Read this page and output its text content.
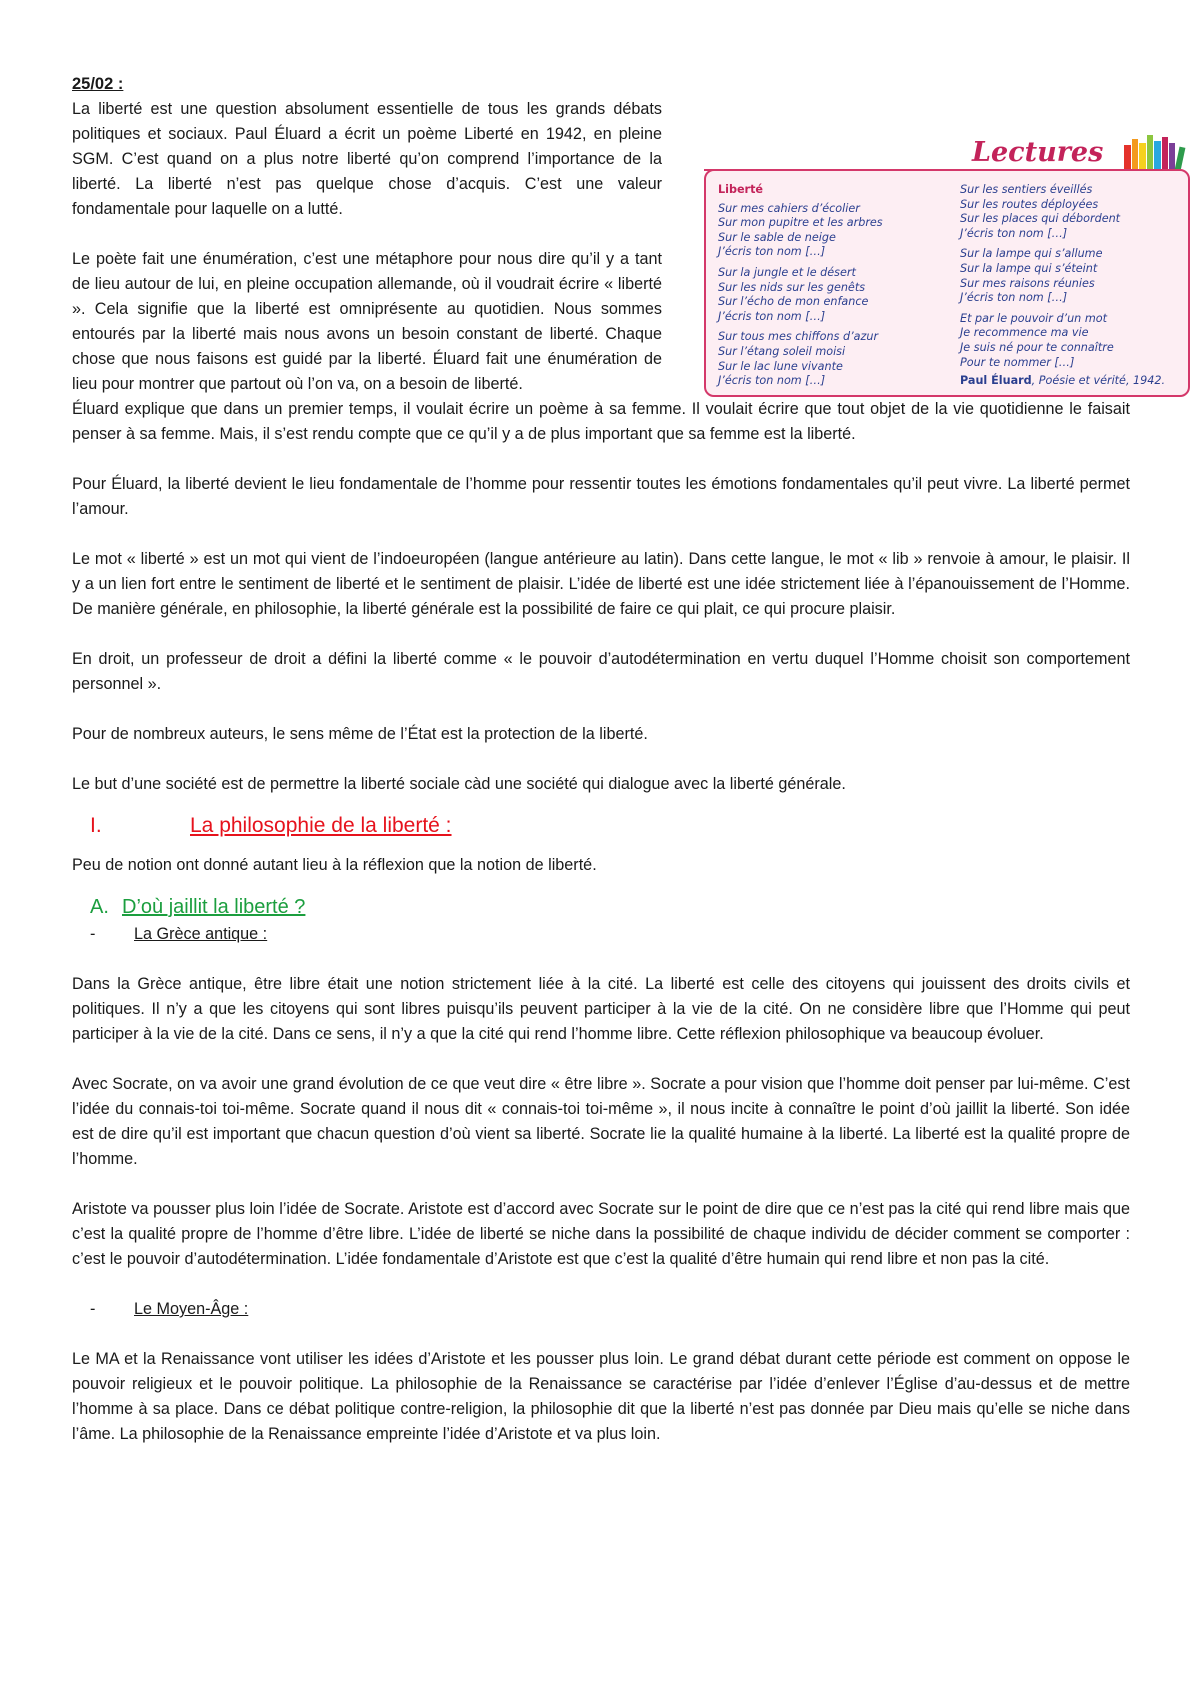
25/02 :

La liberté est une question absolument essentielle de tous les grands débats politiques et sociaux. Paul Éluard a écrit un poème Liberté en 1942, en pleine SGM. C’est quand on a plus notre liberté qu’on comprend l’importance de la liberté. La liberté n’est pas quelque chose d’acquis. C’est une valeur fondamentale pour laquelle on a lutté.

Le poète fait une énumération, c’est une métaphore pour nous dire qu’il y a tant de lieu autour de lui, en pleine occupation allemande, où il voudrait écrire « liberté ». Cela signifie que la liberté est omniprésente au quotidien. Nous sommes entourés par la liberté mais nous avons un besoin constant de liberté. Chaque chose que nous faisons est guidé par la liberté. Éluard fait une énumération de lieu pour montrer que partout où l’on va, on a besoin de liberté.

Lectures
Liberté
Sur mes cahiers d’écolier
Sur mon pupitre et les arbres
Sur le sable de neige
J’écris ton nom […]
Sur la jungle et le désert
Sur les nids sur les genêts
Sur l’écho de mon enfance
J’écris ton nom […]
Sur tous mes chiffons d’azur
Sur l’étang soleil moisi
Sur le lac lune vivante
J’écris ton nom […]
Sur les sentiers éveillés
Sur les routes déployées
Sur les places qui débordent
J’écris ton nom […]
Sur la lampe qui s’allume
Sur la lampe qui s’éteint
Sur mes raisons réunies
J’écris ton nom […]
Et par le pouvoir d’un mot
Je recommence ma vie
Je suis né pour te connaître
Pour te nommer […]
Paul Éluard, Poésie et vérité, 1942.

Éluard explique que dans un premier temps, il voulait écrire un poème à sa femme. Il voulait écrire que tout objet de la vie quotidienne le faisait penser à sa femme. Mais, il s’est rendu compte que ce qu’il y a de plus important que sa femme est la liberté.

Pour Éluard, la liberté devient le lieu fondamentale de l’homme pour ressentir toutes les émotions fondamentales qu’il peut vivre. La liberté permet l’amour.

Le mot « liberté » est un mot qui vient de l’indoeuropéen (langue antérieure au latin). Dans cette langue, le mot « lib » renvoie à amour, le plaisir. Il y a un lien fort entre le sentiment de liberté et le sentiment de plaisir. L’idée de liberté est une idée strictement liée à l’épanouissement de l’Homme. De manière générale, en philosophie, la liberté générale est la possibilité de faire ce qui plait, ce qui procure plaisir.

En droit, un professeur de droit a défini la liberté comme « le pouvoir d’autodétermination en vertu duquel l’Homme choisit son comportement personnel ».

Pour de nombreux auteurs, le sens même de l’État est la protection de la liberté.

Le but d’une société est de permettre la liberté sociale càd une société qui dialogue avec la liberté générale.

I.	La philosophie de la liberté :

Peu de notion ont donné autant lieu à la réflexion que la notion de liberté.

A. D’où jaillit la liberté ?
- La Grèce antique :

Dans la Grèce antique, être libre était une notion strictement liée à la cité. La liberté est celle des citoyens qui jouissent des droits civils et politiques. Il n’y a que les citoyens qui sont libres puisqu’ils peuvent participer à la vie de la cité. On ne considère libre que l’Homme qui peut participer à la vie de la cité. Dans ce sens, il n’y a que la cité qui rend l’homme libre. Cette réflexion philosophique va beaucoup évoluer.

Avec Socrate, on va avoir une grand évolution de ce que veut dire « être libre ». Socrate a pour vision que l’homme doit penser par lui-même. C’est l’idée du connais-toi toi-même. Socrate quand il nous dit « connais-toi toi-même », il nous incite à connaître le point d’où jaillit la liberté. Son idée est de dire qu’il est important que chacun question d’où vient sa liberté. Socrate lie la qualité humaine à la liberté. La liberté est la qualité propre de l’homme.

Aristote va pousser plus loin l’idée de Socrate. Aristote est d’accord avec Socrate sur le point de dire que ce n’est pas la cité qui rend libre mais que c’est la qualité propre de l’homme d’être libre. L’idée de liberté se niche dans la possibilité de chaque individu de décider comment se comporter : c’est le pouvoir d’autodétermination. L’idée fondamentale d’Aristote est que c’est la qualité d’être humain qui rend libre et non pas la cité.

- Le Moyen-Âge :

Le MA et la Renaissance vont utiliser les idées d’Aristote et les pousser plus loin. Le grand débat durant cette période est comment on oppose le pouvoir religieux et le pouvoir politique. La philosophie de la Renaissance se caractérise par l’idée d’enlever l’Église d’au-dessus et de mettre l’homme à sa place. Dans ce débat politique contre-religion, la philosophie dit que la liberté n’est pas donnée par Dieu mais qu’elle se niche dans l’âme. La philosophie de la Renaissance empreinte l’idée d’Aristote et va plus loin.
